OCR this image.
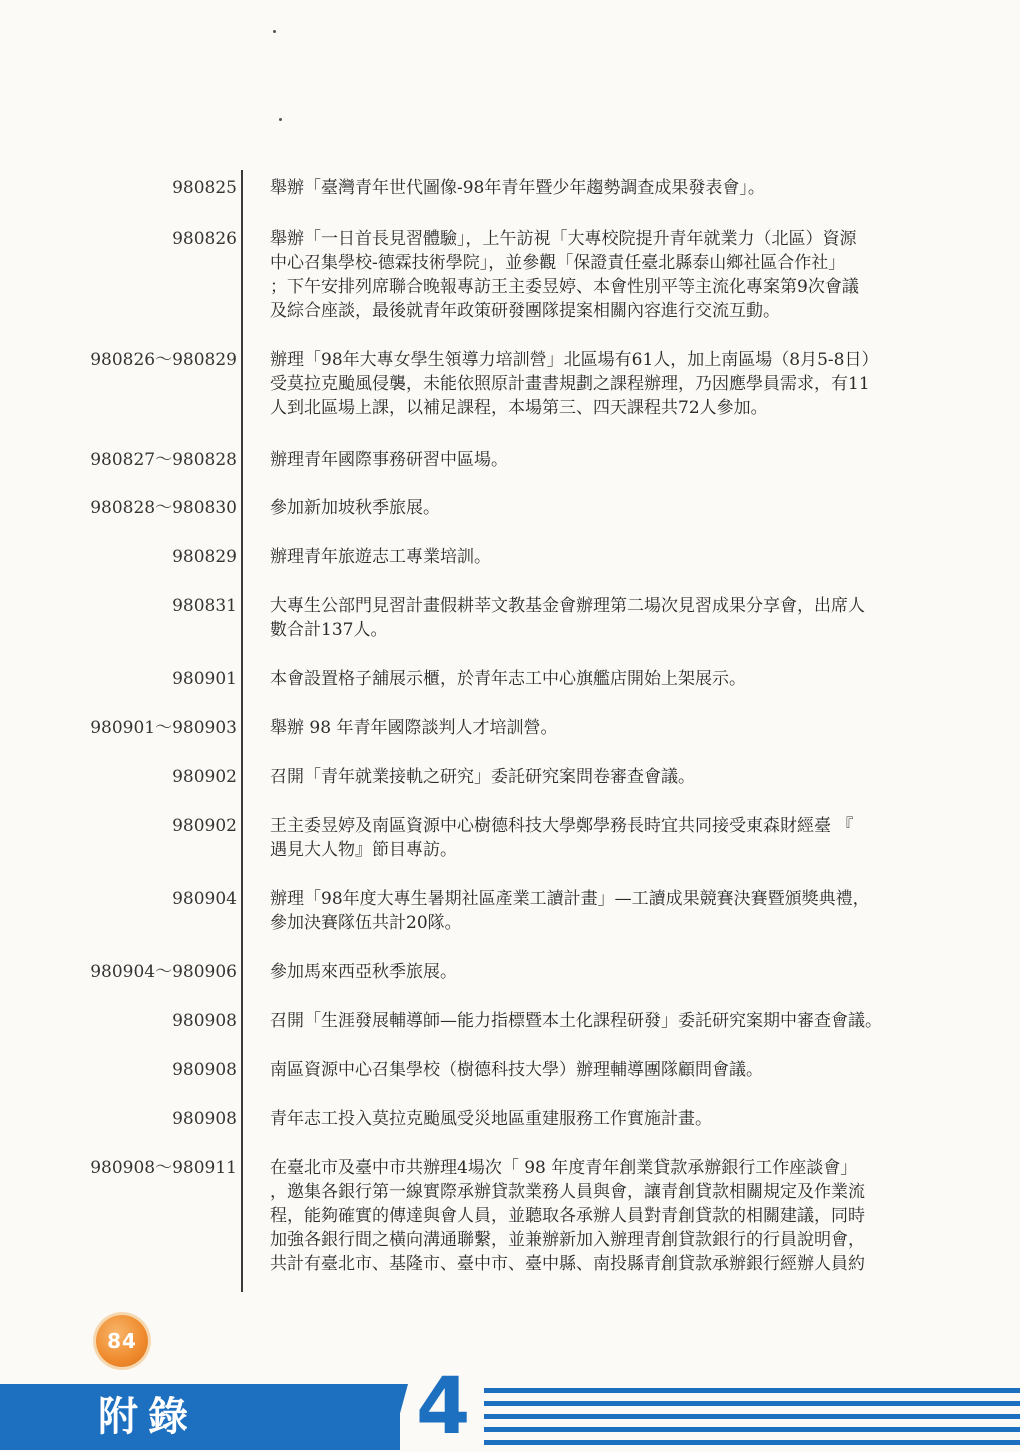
980825 舉辦「臺灣青年世代圖像-98年青年暨少年趨勢調查成果發表會」。
980826 舉辦「一日首長見習體驗」，上午訪視「大專校院提升青年就業力（北區）資源
中心召集學校-德霖技術學院」，並參觀「保證責任臺北縣泰山鄉社區合作社」
；下午安排列席聯合晚報專訪王主委昱婷、本會性別平等主流化專案第9次會議
及綜合座談，最後就青年政策研發團隊提案相關內容進行交流互動。
980826～980829 辦理「98年大專女學生領導力培訓營」北區場有61人，加上南區場（8月5-8日）
受莫拉克颱風侵襲，未能依照原計畫書規劃之課程辦理，乃因應學員需求，有11
人到北區場上課，以補足課程，本場第三、四天課程共72人參加。
980827～980828 辦理青年國際事務研習中區場。
980828～980830 參加新加坡秋季旅展。
980829 辦理青年旅遊志工專業培訓。
980831 大專生公部門見習計畫假耕莘文教基金會辦理第二場次見習成果分享會，出席人
數合計137人。
980901 本會設置格子舖展示櫃，於青年志工中心旗艦店開始上架展示。
980901～980903 舉辦 98 年青年國際談判人才培訓營。
980902 召開「青年就業接軌之研究」委託研究案問卷審查會議。
980902 王主委昱婷及南區資源中心樹德科技大學鄭學務長時宜共同接受東森財經臺 『
遇見大人物』節目專訪。
980904 辦理「98年度大專生暑期社區產業工讀計畫」—工讀成果競賽決賽暨頒獎典禮，
參加決賽隊伍共計20隊。
980904～980906 參加馬來西亞秋季旅展。
980908 召開「生涯發展輔導師—能力指標暨本土化課程研發」委託研究案期中審查會議。
980908 南區資源中心召集學校（樹德科技大學）辦理輔導團隊顧問會議。
980908 青年志工投入莫拉克颱風受災地區重建服務工作實施計畫。
980908～980911 在臺北市及臺中市共辦理4場次「 98 年度青年創業貸款承辦銀行工作座談會」
，邀集各銀行第一線實際承辦貸款業務人員與會，讓青創貸款相關規定及作業流
程，能夠確實的傳達與會人員，並聽取各承辦人員對青創貸款的相關建議，同時
加強各銀行間之橫向溝通聯繫，並兼辦新加入辦理青創貸款銀行的行員說明會，
共計有臺北市、基隆市、臺中市、臺中縣、南投縣青創貸款承辦銀行經辦人員約
84
附錄	4
